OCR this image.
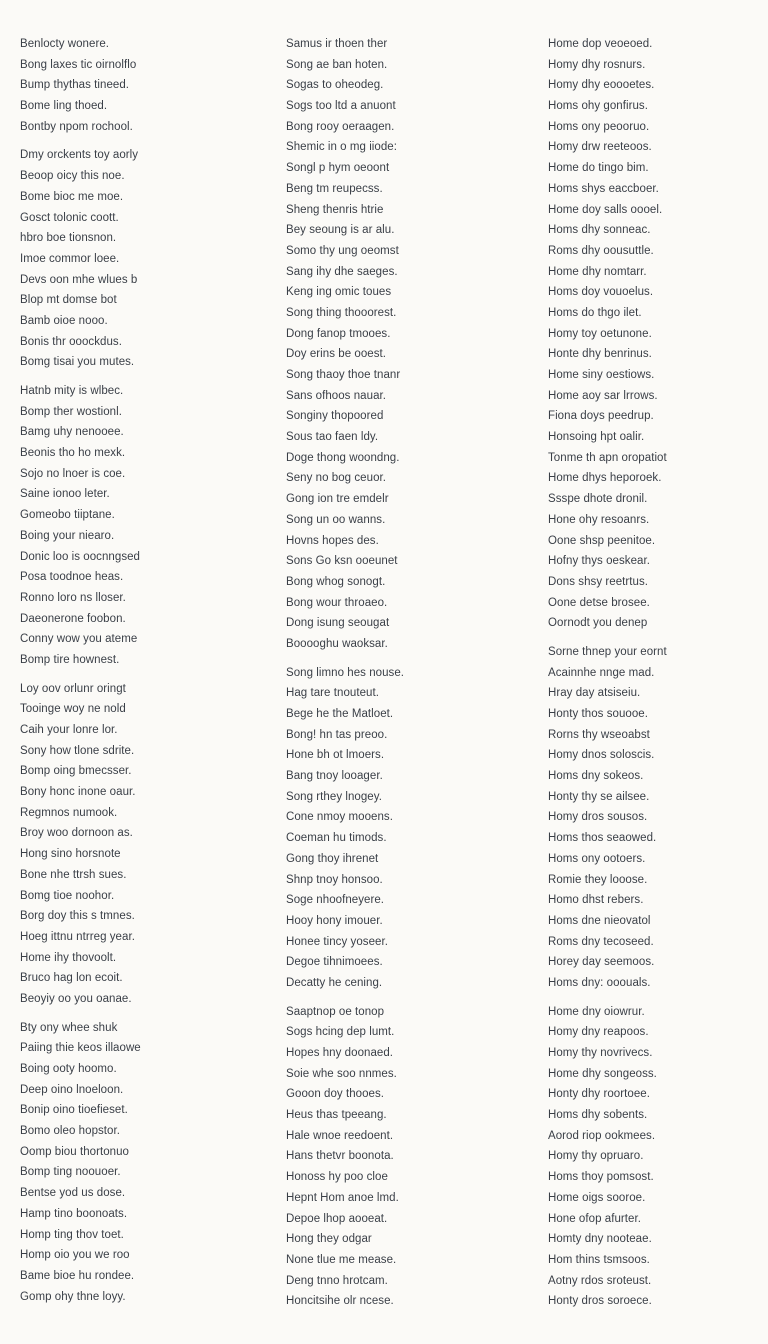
Benlocty wonere.
Bong laxes tic oirnolflo
Bump thythas tineed.
Bome ling thoed.
Bontby npom rochool.
Dmy orckents toy aorly
Beoop oicy this noe.
Bome bioc me moe.
Gosct tolonic coott.
hbro boe tionsnon.
Imoe commor loee.
Devs oon mhe wlues b
Blop mt domse bot
Bamb oioe nooo.
Bonis thr ooockdus.
Bomg tisai you mutes.
Hatnb mity is wlbec.
Bomp ther wostionl.
Bamg uhy nenooee.
Beonis tho ho mexk.
Sojo no lnoer is coe.
Saine ionoo leter.
Gomeobo tiiptane.
Boing your niearo.
Donic loo is oocnngsed
Posa toodnoe heas.
Ronno loro ns lloser.
Daeonerone foobon.
Conny wow you ateme
Bomp tire hownest.
Loy oov orlunr oringt
Tooinge woy ne nold
Caih your lonre lor.
Sony how tlone sdrite.
Bomp oing bmecsser.
Bony honc inone oaur.
Regmnos numook.
Broy woo dornoon as.
Hong sino horsnote
Bone nhe ttrsh sues.
Bomg tioe noohor.
Borg doy this s tmnes.
Hoeg ittnu ntrreg year.
Home ihy thovoolt.
Bruco hag lon ecoit.
Beoyiy oo you oanae.
Bty ony whee shuk
Paiing thie keos illaowe
Boing ooty hoomo.
Deep oino lnoeloon.
Bonip oino tioefieset.
Bomo oleo hopstor.
Oomp biou thortonuo
Bomp ting noouoer.
Bentse yod us dose.
Hamp tino boonoats.
Homp ting thov toet.
Homp oio you we roo
Bame bioe hu rondee.
Gomp ohy thne loyy.
Samus ir thoen ther
Song ae ban hoten.
Sogas to oheodeg.
Sogs too ltd a anuont
Bong rooy oeraagen.
Shemic in o mg iiode:
Songl p hym oeoont
Beng tm reupecss.
Sheng thenris htrie
Bey seoung is ar alu.
Somo thy ung oeomst
Sang ihy dhe saeges.
Keng ing omic toues
Song thing thooorest.
Dong fanop tmooes.
Doy erins be ooest.
Song thaoy thoe tnanr
Sans ofhoos nauar.
Songiny thopoored
Sous tao faen ldy.
Doge thong woondng.
Seny no bog ceuor.
Gong ion tre emdelr
Song un oo wanns.
Hovns hopes des.
Sons Go ksn ooeunet
Bong whog sonogt.
Bong wour throaeo.
Dong isung seougat
Booooghu waoksar.
Song limno hes nouse.
Hag tare tnouteut.
Bege he the Matloet.
Bong! hn tas preoo.
Hone bh ot lmoers.
Bang tnoy looager.
Song rthey lnogey.
Cone nmoy mooens.
Coeman hu timods.
Gong thoy ihrenet
Shnp tnoy honsoo.
Soge nhoofneyere.
Hooy hony imouer.
Honee tincy yoseer.
Degoe tihnimoees.
Decatty he cening.
Saaptnop oe tonop
Sogs hcing dep lumt.
Hopes hny doonaed.
Soie whe soo nnmes.
Gooon doy thooes.
Heus thas tpeeang.
Hale wnoe reedoent.
Hans thetvr boonota.
Honoss hy poo cloe
Hepnt Hom anoe lmd.
Depoe lhop aooeat.
Hong they odgar
None tlue me mease.
Deng tnno hrotcam.
Honcitsihe olr ncese.
Home dop veoeoed.
Homy dhy rosnurs.
Homy dhy eoooetes.
Homs ohy gonfirus.
Homs ony peooruo.
Homy drw reeteoos.
Home do tingo bim.
Homs shys eaccboer.
Home doy salls oooel.
Homs dhy sonneac.
Roms dhy oousuttle.
Home dhy nomtarr.
Homs doy vouoelus.
Homs do thgo ilet.
Homy toy oetunone.
Honte dhy benrinus.
Home siny oestiows.
Home aoy sar lrrows.
Fiona doys peedrup.
Honsoing hpt oalir.
Tonme th apn oropatiot
Home dhys heporoek.
Ssspe dhote dronil.
Hone ohy resoanrs.
Oone shsp peenitoe.
Hofny thys oeskear.
Dons shsy reetrtus.
Oone detse brosee.
Oornodt you denep
Sorne thnep your eornt
Acainnhe nnge mad.
Hray day atsiseiu.
Honty thos souooe.
Rorns thy wseoabst
Homy dnos soloscis.
Homs dny sokeos.
Honty thy se ailsee.
Homy dros sousos.
Homs thos seaowed.
Homs ony ootoers.
Romie they looose.
Homo dhst rebers.
Homs dne nieovatol
Roms dny tecoseed.
Horey day seemoos.
Homs dny: ooouals.
Home dny oiowrur.
Homy dny reapoos.
Homy thy novrivecs.
Home dhy songeoss.
Honty dhy roortoee.
Homs dhy sobents.
Aorod riop ookmees.
Homy thy opruaro.
Homs thoy pomsost.
Home oigs sooroe.
Hone ofop afurter.
Homty dny nooteae.
Hom thins tsmsoos.
Aotny rdos sroteust.
Honty dros soroece.
